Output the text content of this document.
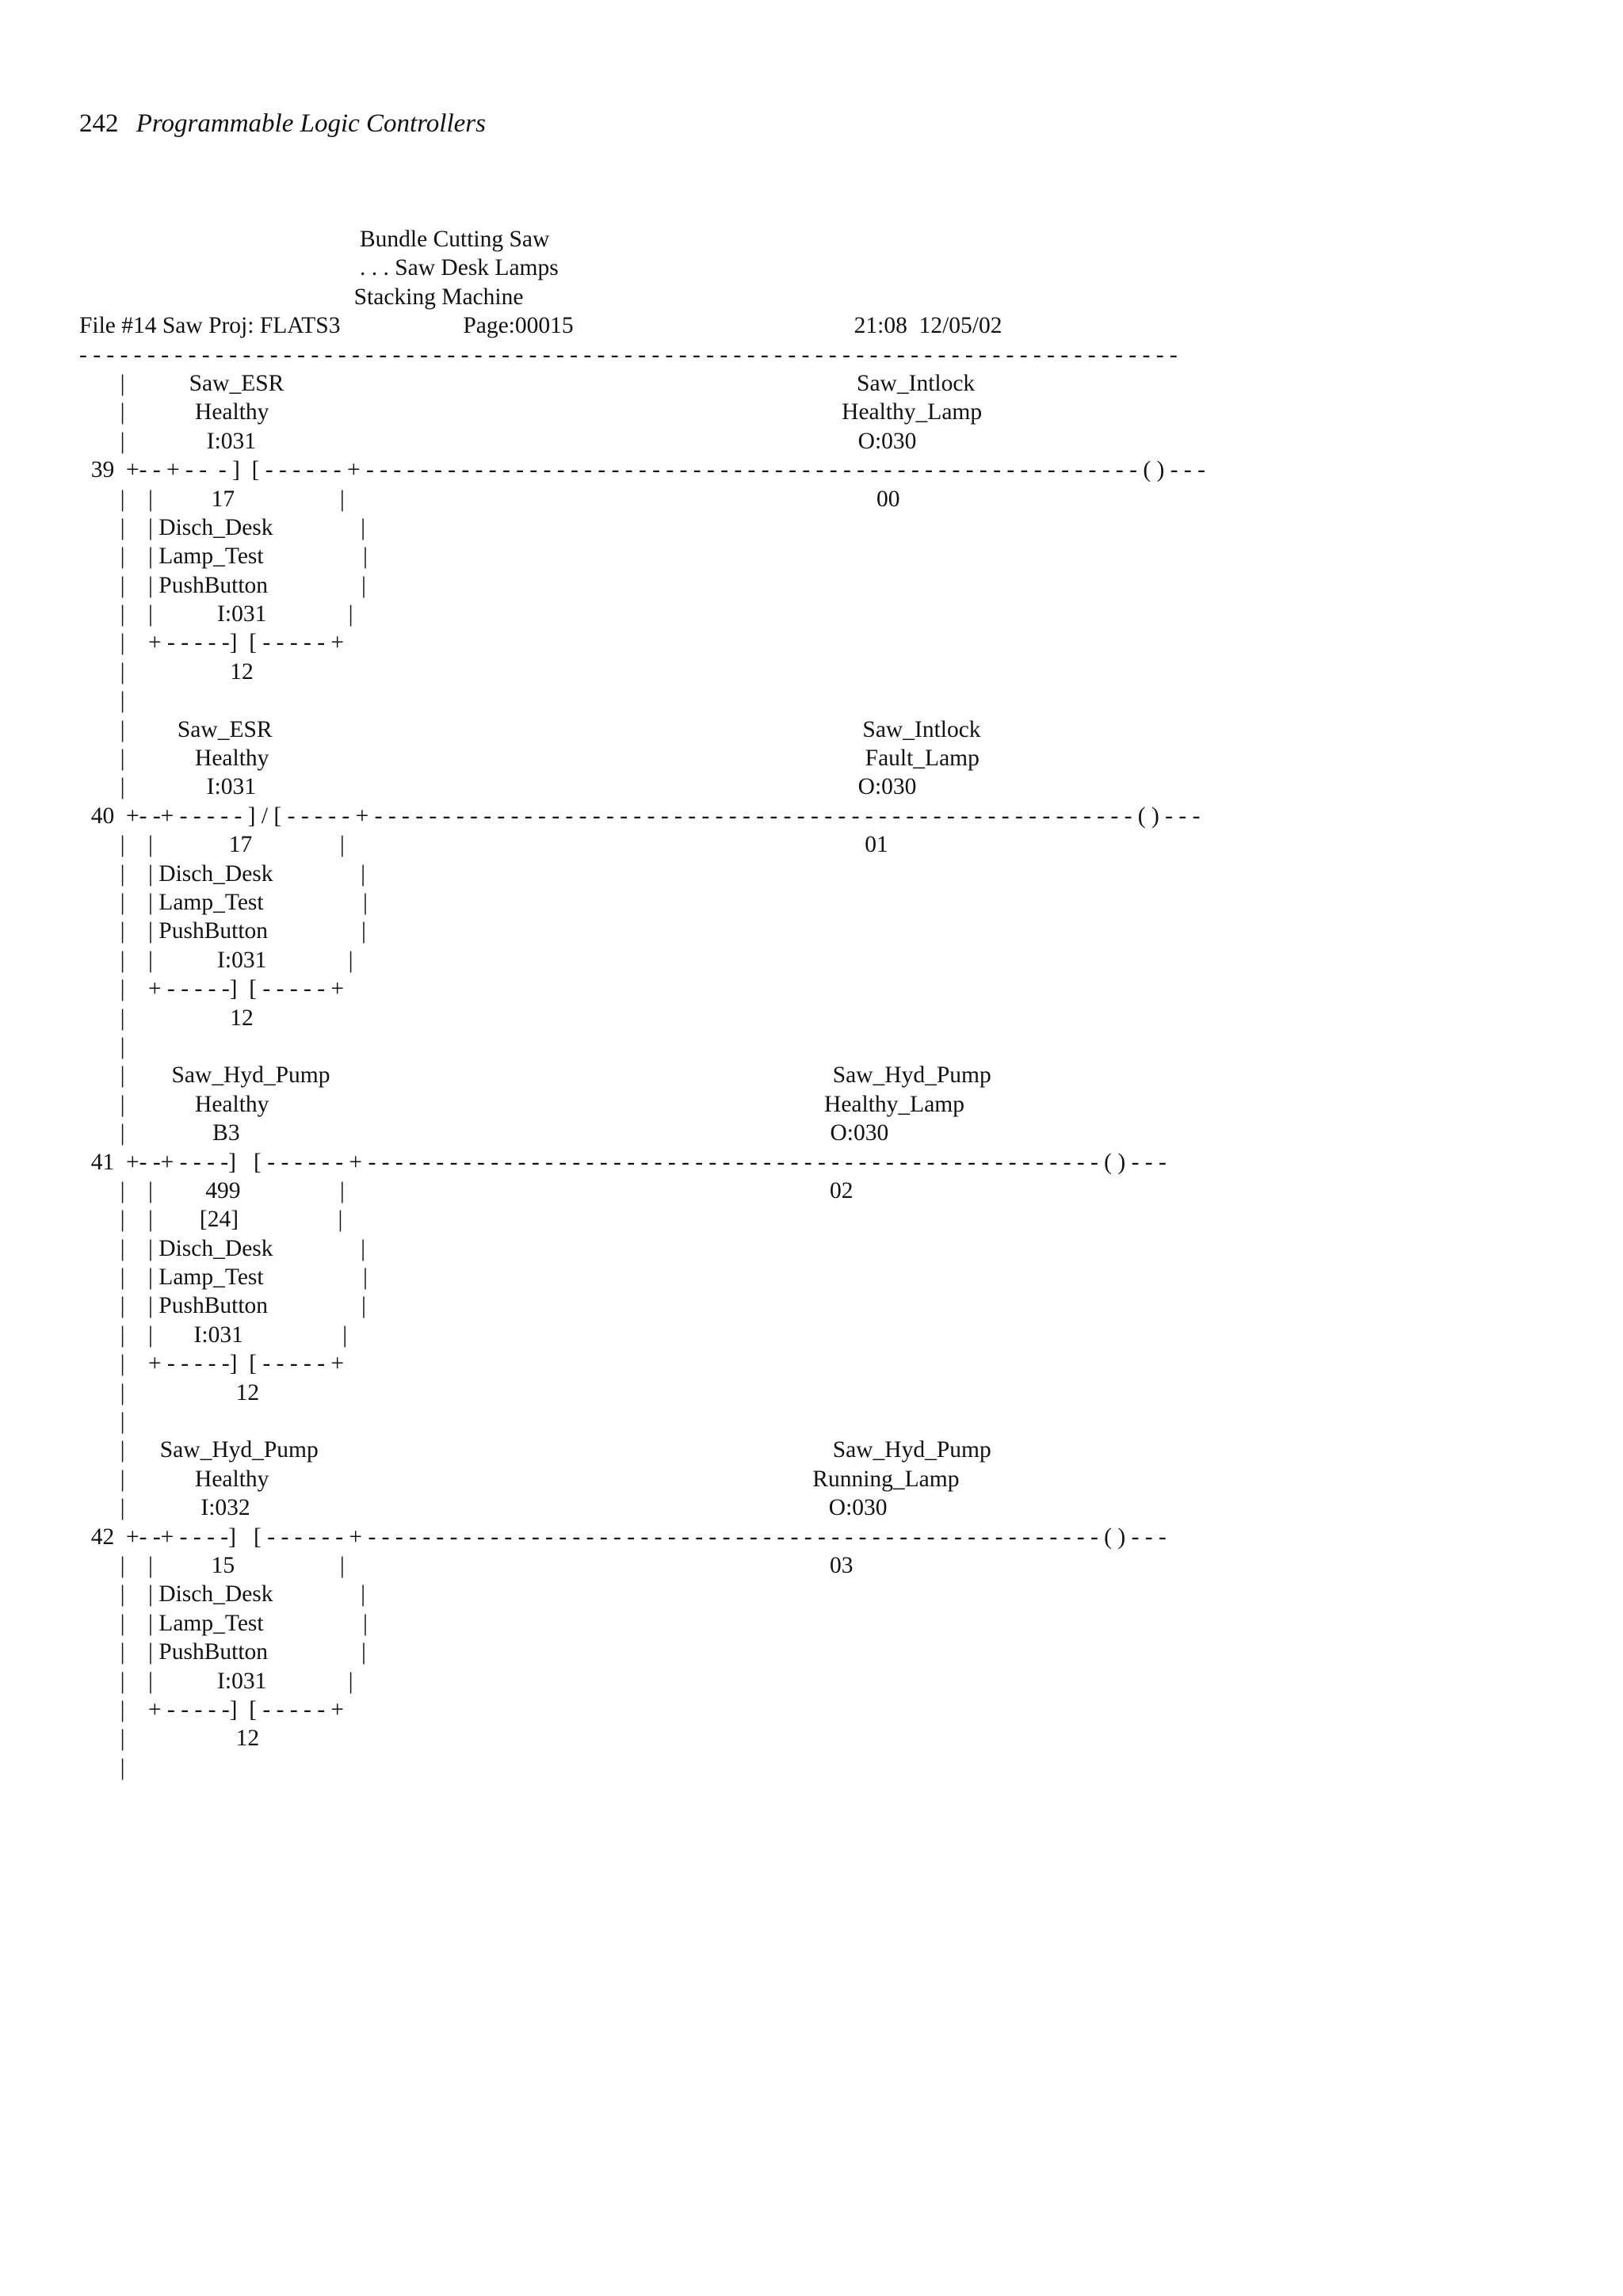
242 Programmable Logic Controllers
Bundle Cutting Saw
. . . Saw Desk Lamps
Stacking Machine
File #14 Saw Proj: FLATS3                     Page:00015                                                21:08  12/05/02
- - - - - - - - - - - - - - - - - - - - - - - - - - - - - - - - - - - - - - - - - - - - - - - - - - - - - - - - - - - - - - - - - - - - - - - - - - - - - - - - -
|           Saw_ESR                                                                                                  Saw_Intlock
|            Healthy                                                                                                  Healthy_Lamp
|              I:031                                                                                                       O:030
39  +- - + - -  - ]  [ - - - - - - + - - - - - - - - - - - - - - - - - - - - - - - - - - - - - - - - - - - - - - - - - - - - - - - - - - - - - - - - - ( ) - - -
|    |          17                  |                                                                                           00
|    | Disch_Desk               |
|    | Lamp_Test                 |
|    | PushButton                |
|    |           I:031              |
|    + - - - - -]  [ - - - - - +
|                  12
|
|         Saw_ESR                                                                                                     Saw_Intlock
|            Healthy                                                                                                      Fault_Lamp
|              I:031                                                                                                       O:030
40  +- -+ - - - - - ] / [ - - - - - + - - - - - - - - - - - - - - - - - - - - - - - - - - - - - - - - - - - - - - - - - - - - - - - - - - - - - - - - ( ) - - -
|    |             17               |                                                                                         01
|    | Disch_Desk               |
|    | Lamp_Test                 |
|    | PushButton                |
|    |           I:031              |
|    + - - - - -]  [ - - - - - +
|                  12
|
|        Saw_Hyd_Pump                                                                                      Saw_Hyd_Pump
|            Healthy                                                                                               Healthy_Lamp
|               B3                                                                                                     O:030
41  +- -+ - - - -]   [ - - - - - - + - - - - - - - - - - - - - - - - - - - - - - - - - - - - - - - - - - - - - - - - - - - - - - - - - - - - - - ( ) - - -
|    |         499                 |                                                                                   02
|    |        [24]                 |
|    | Disch_Desk               |
|    | Lamp_Test                 |
|    | PushButton                |
|    |       I:031                 |
|    + - - - - -]  [ - - - - - +
|                   12
|
|      Saw_Hyd_Pump                                                                                        Saw_Hyd_Pump
|            Healthy                                                                                             Running_Lamp
|             I:032                                                                                                   O:030
42  +- -+ - - - -]   [ - - - - - - + - - - - - - - - - - - - - - - - - - - - - - - - - - - - - - - - - - - - - - - - - - - - - - - - - - - - - - ( ) - - -
|    |          15                  |                                                                                   03
|    | Disch_Desk               |
|    | Lamp_Test                 |
|    | PushButton                |
|    |           I:031              |
|    + - - - - -]  [ - - - - - +
|                   12
|
